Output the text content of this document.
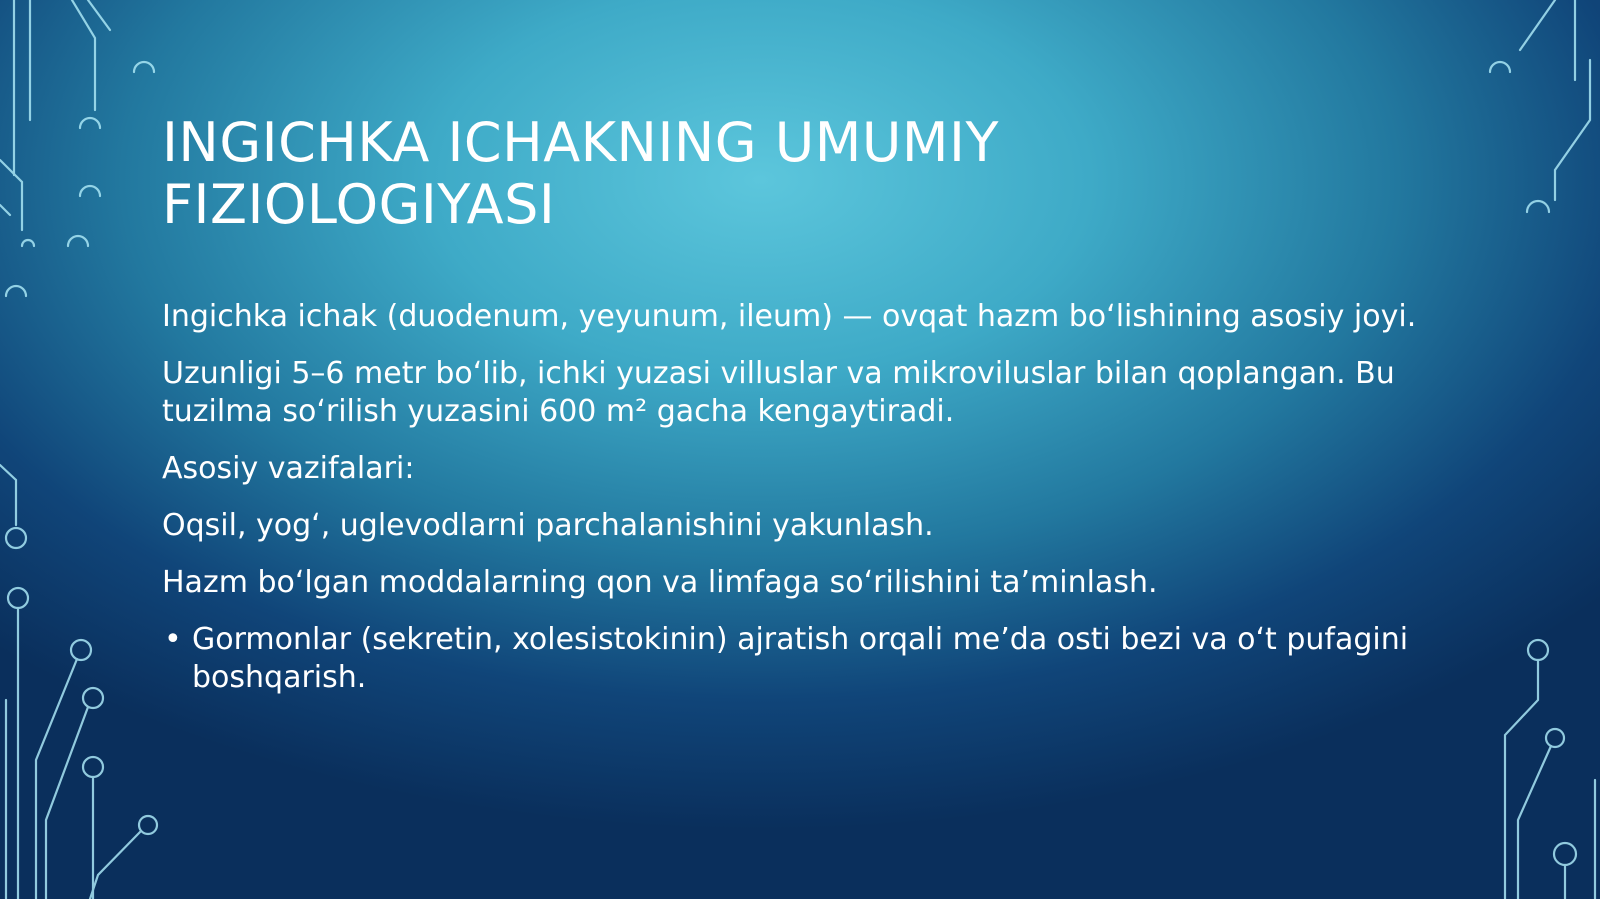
INGICHKA ICHAKNING UMUMIY
FIZIOLOGIYASI

Ingichka ichak (duodenum, yeyunum, ileum) — ovqat hazm bo‘lishining asosiy joyi.

Uzunligi 5–6 metr bo‘lib, ichki yuzasi villuslar va mikroviluslar bilan qoplangan. Bu tuzilma so‘rilish yuzasini 600 m² gacha kengaytiradi.

Asosiy vazifalari:

Oqsil, yog‘, uglevodlarni parchalanishini yakunlash.

Hazm bo‘lgan moddalarning qon va limfaga so‘rilishini ta’minlash.

• Gormonlar (sekretin, xolesistokinin) ajratish orqali me’da osti bezi va o‘t pufagini boshqarish.
